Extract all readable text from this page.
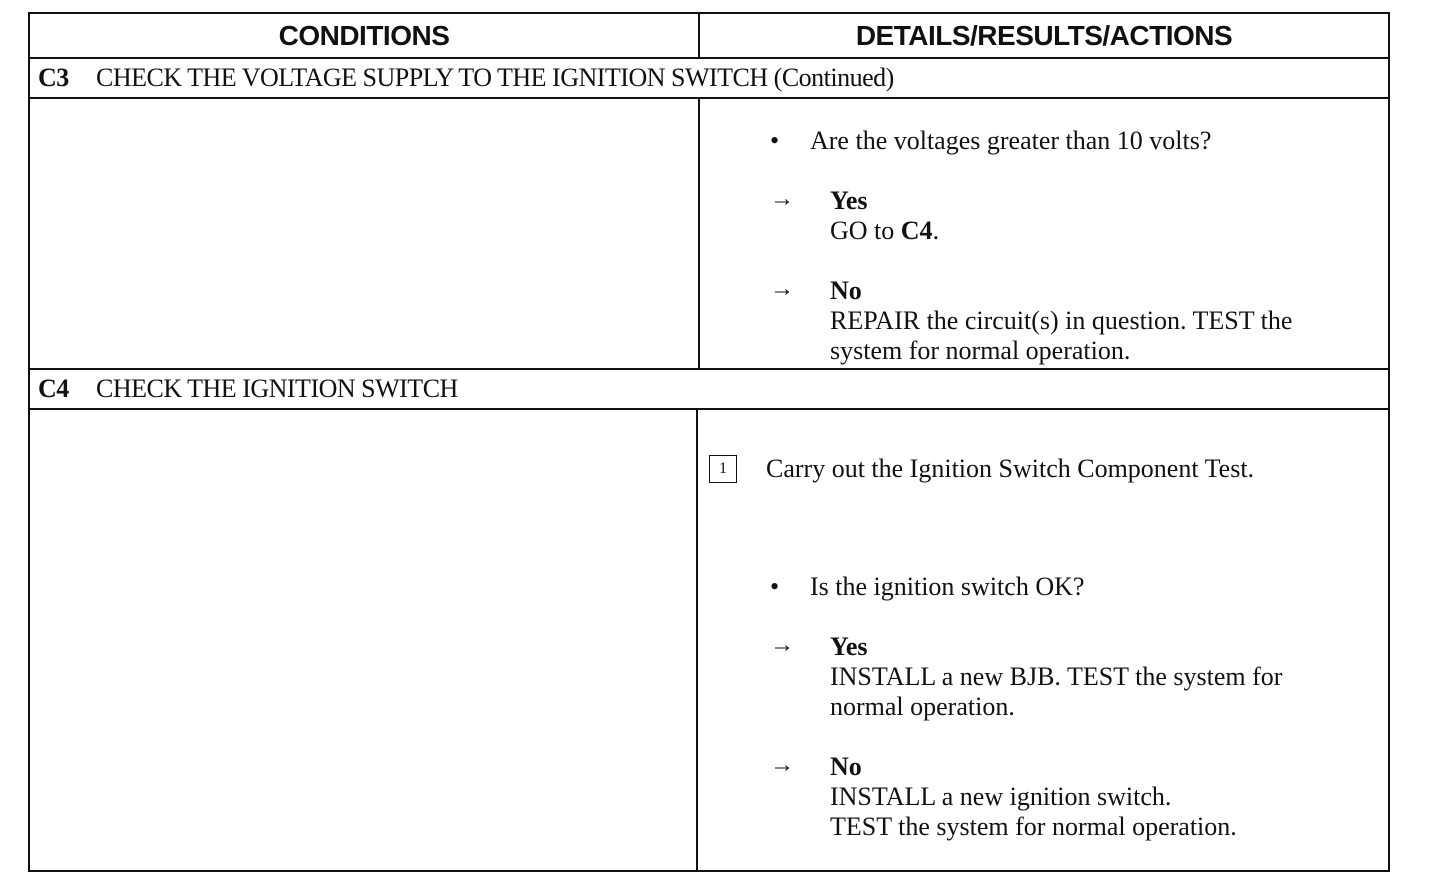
CONDITIONS	DETAILS/RESULTS/ACTIONS
C3	CHECK THE VOLTAGE SUPPLY TO THE IGNITION SWITCH (Continued)
•	Are the voltages greater than 10 volts?
→ Yes
GO to C4.
→ No
REPAIR the circuit(s) in question. TEST the system for normal operation.
C4	CHECK THE IGNITION SWITCH
1	Carry out the Ignition Switch Component Test.
•	Is the ignition switch OK?
→ Yes
INSTALL a new BJB. TEST the system for normal operation.
→ No
INSTALL a new ignition switch.
TEST the system for normal operation.
